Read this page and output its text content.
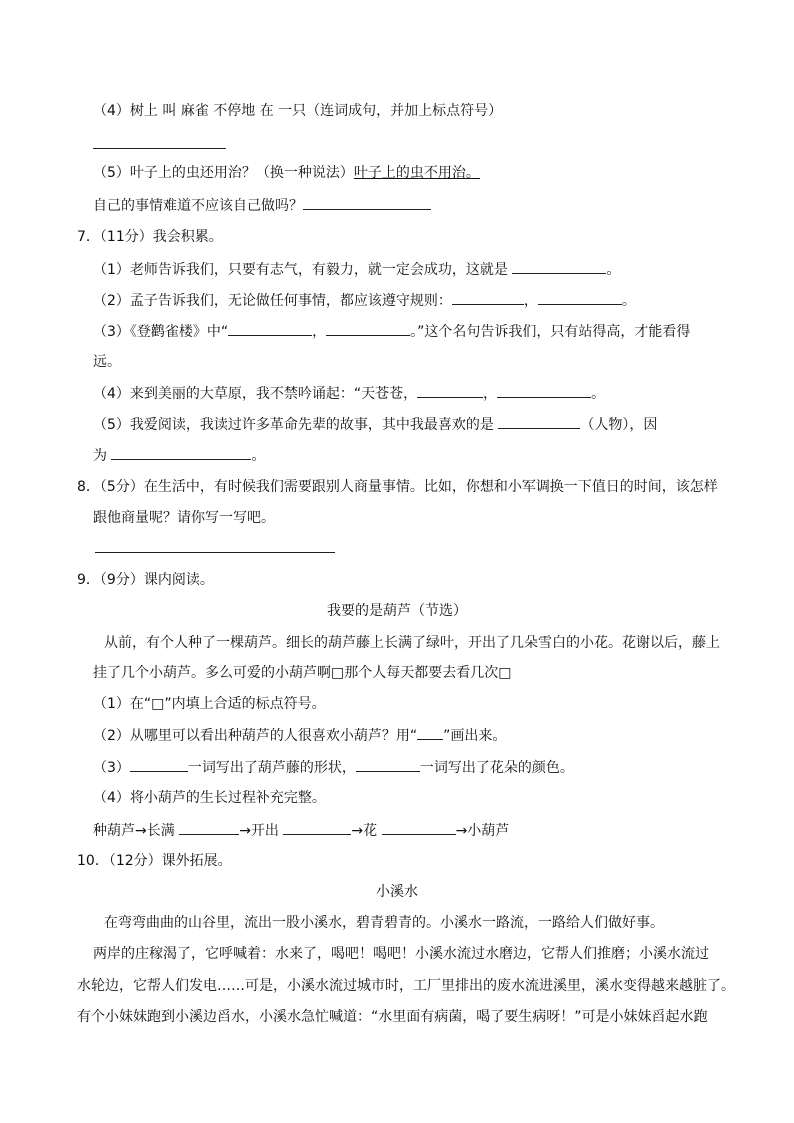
（4）树上 叫 麻雀 不停地 在 一只（连词成句，并加上标点符号）
（5）叶子上的虫还用治？（换一种说法）叶子上的虫不用治。
自己的事情难道不应该自己做吗？
7．（11分）我会积累。
（1）老师告诉我们，只要有志气，有毅力，就一定会成功，这就是	。
（2）孟子告诉我们，无论做任何事情，都应该遵守规则：	，	。
（3）《登鹳雀楼》中“	，	。”这个名句告诉我们，只有站得高，才能看得
远。
（4）来到美丽的大草原，我不禁吟诵起：“天苍苍，	，	。
（5）我爱阅读，我读过许多革命先辈的故事，其中我最喜欢的是	（人物），因
为	。
8．（5分）在生活中，有时候我们需要跟别人商量事情。比如，你想和小军调换一下值日的时间，该怎样
跟他商量呢？请你写一写吧。
9．（9分）课内阅读。
我要的是葫芦（节选）
从前，有个人种了一棵葫芦。细长的葫芦藤上长满了绿叶，开出了几朵雪白的小花。花谢以后，藤上
挂了几个小葫芦。多么可爱的小葫芦啊□那个人每天都要去看几次□
（1）在“□”内填上合适的标点符号。
（2）从哪里可以看出种葫芦的人很喜欢小葫芦？用“ ”画出来。
（3）	一词写出了葫芦藤的形状，	一词写出了花朵的颜色。
（4）将小葫芦的生长过程补充完整。
种葫芦→长满	→开出	→花	→小葫芦
10．（12分）课外拓展。
小溪水
在弯弯曲曲的山谷里，流出一股小溪水，碧青碧青的。小溪水一路流，一路给人们做好事。
两岸的庄稼渴了，它呼喊着：水来了，喝吧！喝吧！小溪水流过水磨边，它帮人们推磨；小溪水流过
水轮边，它帮人们发电……可是，小溪水流过城市时，工厂里排出的废水流进溪里，溪水变得越来越脏了。
有个小妹妹跑到小溪边舀水，小溪水急忙喊道：“水里面有病菌，喝了要生病呀！”可是小妹妹舀起水跑
